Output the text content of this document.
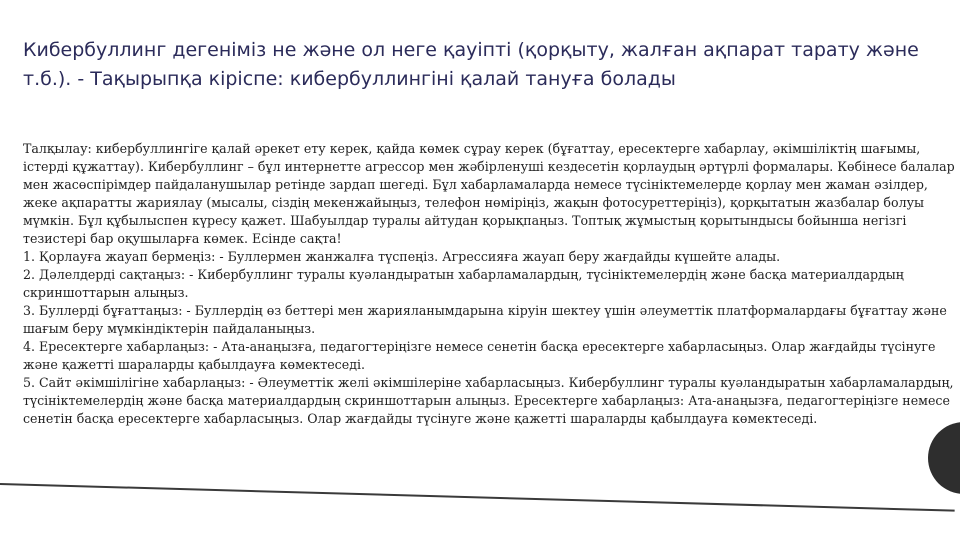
Кибербуллинг дегеніміз не және ол неге қауіпті (қорқыту, жалған ақпарат тарату және т.б.). - Тақырыпқа кіріспе: кибербуллингіні қалай тануға болады

Талқылау: кибербуллингіге қалай әрекет ету керек, қайда көмек сұрау керек (бұғаттау, ересектерге хабарлау, әкімшіліктің шағымы, істерді құжаттау). Кибербуллинг – бұл интернетте агрессор мен жәбірленуші кездесетін қорлаудың әртүрлі формалары. Көбінесе балалар мен жасөспірімдер пайдаланушылар ретінде зардап шегеді. Бұл хабарламаларда немесе түсініктемелерде қорлау мен жаман әзілдер, жеке ақпаратты жариялау (мысалы, сіздің мекенжайыңыз, телефон нөміріңіз, жақын фотосуреттеріңіз), қорқытатын жазбалар болуы мүмкін. Бұл құбылыспен күресу қажет. Шабуылдар туралы айтудан қорықпаңыз. Топтық жұмыстың қорытындысы бойынша негізгі тезистері бар оқушыларға көмек. Есінде сақта!

1. Қорлауға жауап бермеңіз: - Буллермен жанжалға түспеңіз. Агрессияға жауап беру жағдайды күшейте алады.

2. Дәлелдерді сақтаңыз: - Кибербуллинг туралы куәландыратын хабарламалардың, түсініктемелердің және басқа материалдардың скриншоттарын алыңыз.

3. Буллерді бұғаттаңыз: - Буллердің өз беттері мен жарияланымдарына кіруін шектеу үшін әлеуметтік платформалардағы бұғаттау және шағым беру мүмкіндіктерін пайдаланыңыз.

4. Ересектерге хабарлаңыз: - Ата-анаңызға, педагогтеріңізге немесе сенетін басқа ересектерге хабарласыңыз. Олар жағдайды түсінуге және қажетті шараларды қабылдауға көмектеседі.

5. Сайт әкімшілігіне хабарлаңыз: - Әлеуметтік желі әкімшілеріне хабарласыңыз. Кибербуллинг туралы куәландыратын хабарламалардың, түсініктемелердің және басқа материалдардың скриншоттарын алыңыз. Ересектерге хабарлаңыз: Ата-анаңызға, педагогтеріңізге немесе сенетін басқа ересектерге хабарласыңыз. Олар жағдайды түсінуге және қажетті шараларды қабылдауға көмектеседі.
